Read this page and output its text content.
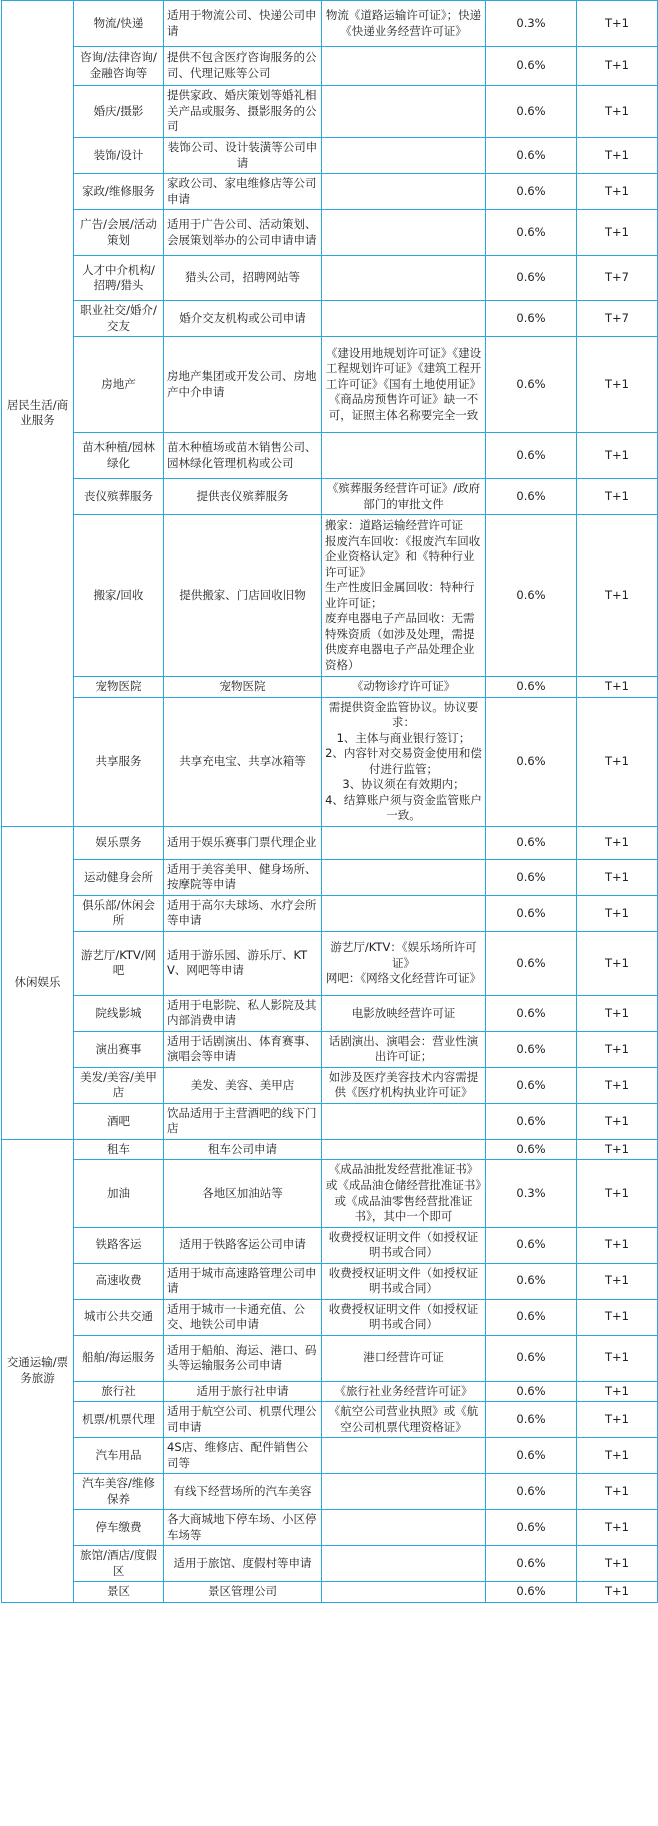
居民生活/商业服务	物流/快递	适用于物流公司、快递公司申请	物流《道路运输许可证》；快递《快递业务经营许可证》	0.3%	T+1
	咨询/法律咨询/金融咨询等	提供不包含医疗咨询服务的公司、代理记账等公司		0.6%	T+1
	婚庆/摄影	提供家政、婚庆策划等婚礼相关产品或服务、摄影服务的公司		0.6%	T+1
	装饰/设计	装饰公司、设计装潢等公司申请		0.6%	T+1
	家政/维修服务	家政公司、家电维修店等公司申请		0.6%	T+1
	广告/会展/活动策划	适用于广告公司、活动策划、会展策划举办的公司申请申请		0.6%	T+1
	人才中介机构/招聘/猎头	猎头公司，招聘网站等		0.6%	T+7
	职业社交/婚介/交友	婚介交友机构或公司申请		0.6%	T+7
	房地产	房地产集团或开发公司、房地产中介申请	《建设用地规划许可证》《建设工程规划许可证》《建筑工程开工许可证》《国有土地使用证》《商品房预售许可证》缺一不可，证照主体名称要完全一致	0.6%	T+1
	苗木种植/园林绿化	苗木种植场或苗木销售公司、园林绿化管理机构或公司		0.6%	T+1
	丧仪殡葬服务	提供丧仪殡葬服务	《殡葬服务经营许可证》/政府部门的审批文件	0.6%	T+1
	搬家/回收	提供搬家、门店回收旧物	搬家：道路运输经营许可证
报废汽车回收：《报废汽车回收企业资格认定》和《特种行业许可证》
生产性废旧金属回收：特种行业许可证；
废弃电器电子产品回收：无需特殊资质（如涉及处理，需提供废弃电器电子产品处理企业资格）	0.6%	T+1
	宠物医院	宠物医院	《动物诊疗许可证》	0.6%	T+1
	共享服务	共享充电宝、共享冰箱等	需提供资金监管协议。协议要求：
1、主体与商业银行签订；
2、内容针对交易资金使用和偿付进行监管；
3、协议须在有效期内；
4、结算账户须与资金监管账户一致。	0.6%	T+1
休闲娱乐	娱乐票务	适用于娱乐赛事门票代理企业		0.6%	T+1
	运动健身会所	适用于美容美甲、健身场所、按摩院等申请		0.6%	T+1
	俱乐部/休闲会所	适用于高尔夫球场、水疗会所等申请		0.6%	T+1
	游艺厅/KTV/网吧	适用于游乐园、游乐厅、KTV、网吧等申请	游艺厅/KTV：《娱乐场所许可证》
网吧：《网络文化经营许可证》	0.6%	T+1
	院线影城	适用于电影院、私人影院及其内部消费申请	电影放映经营许可证	0.6%	T+1
	演出赛事	适用于话剧演出、体育赛事、演唱会等申请	话剧演出、演唱会：营业性演出许可证；	0.6%	T+1
	美发/美容/美甲店	美发、美容、美甲店	如涉及医疗美容技术内容需提供《医疗机构执业许可证》	0.6%	T+1
	酒吧	饮品适用于主营酒吧的线下门店		0.6%	T+1
交通运输/票务旅游	租车	租车公司申请		0.6%	T+1
	加油	各地区加油站等	《成品油批发经营批准证书》或《成品油仓储经营批准证书》或《成品油零售经营批准证书》，其中一个即可	0.3%	T+1
	铁路客运	适用于铁路客运公司申请	收费授权证明文件（如授权证明书或合同）	0.6%	T+1
	高速收费	适用于城市高速路管理公司申请	收费授权证明文件（如授权证明书或合同）	0.6%	T+1
	城市公共交通	适用于城市一卡通充值、公交、地铁公司申请	收费授权证明文件（如授权证明书或合同）	0.6%	T+1
	船舶/海运服务	适用于船舶、海运、港口、码头等运输服务公司申请	港口经营许可证	0.6%	T+1
	旅行社	适用于旅行社申请	《旅行社业务经营许可证》	0.6%	T+1
	机票/机票代理	适用于航空公司、机票代理公司申请	《航空公司营业执照》或《航空公司机票代理资格证》	0.6%	T+1
	汽车用品	4S店、维修店、配件销售公司等		0.6%	T+1
	汽车美容/维修保养	有线下经营场所的汽车美容		0.6%	T+1
	停车缴费	各大商城地下停车场、小区停车场等		0.6%	T+1
	旅馆/酒店/度假区	适用于旅馆、度假村等申请		0.6%	T+1
	景区	景区管理公司		0.6%	T+1
